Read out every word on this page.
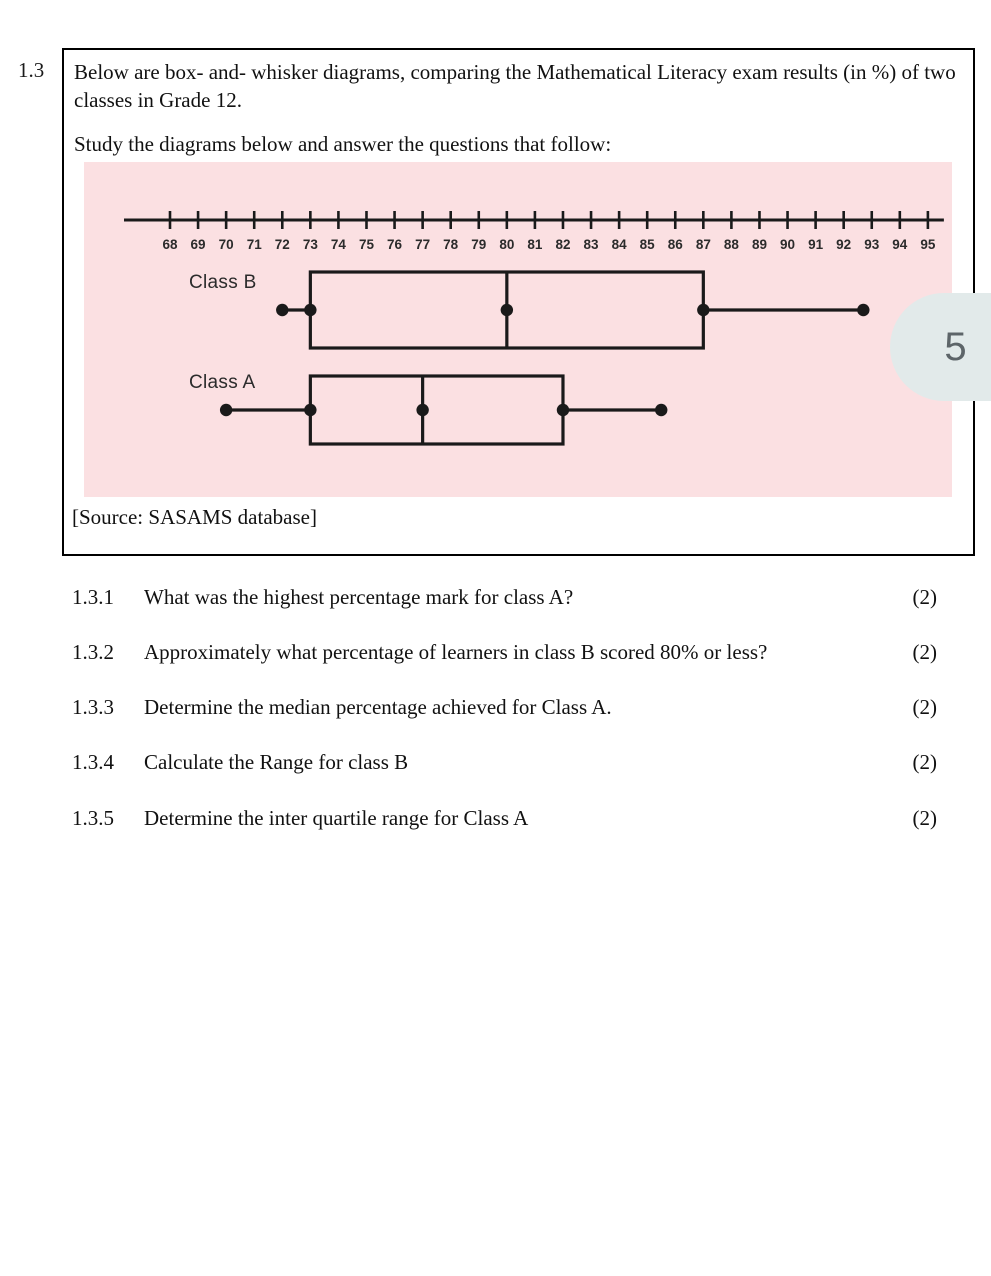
1.3 Below are box- and- whisker diagrams, comparing the Mathematical Literacy exam results (in %) of two classes in Grade 12.
Study the diagrams below and answer the questions that follow:
68 69 70 71 72 73 74 75 76 77 78 79 80 81 82 83 84 85 86 87 88 89 90 91 92 93 94 95
Class B
Class A
[Source: SASAMS database]
5
1.3.1	What was the highest percentage mark for class A?	(2)
1.3.2	Approximately what percentage of learners in class B scored 80% or less?	(2)
1.3.3	Determine the median percentage achieved for Class A.	(2)
1.3.4	Calculate the Range for class B	(2)
1.3.5	Determine the inter quartile range for Class A	(2)
